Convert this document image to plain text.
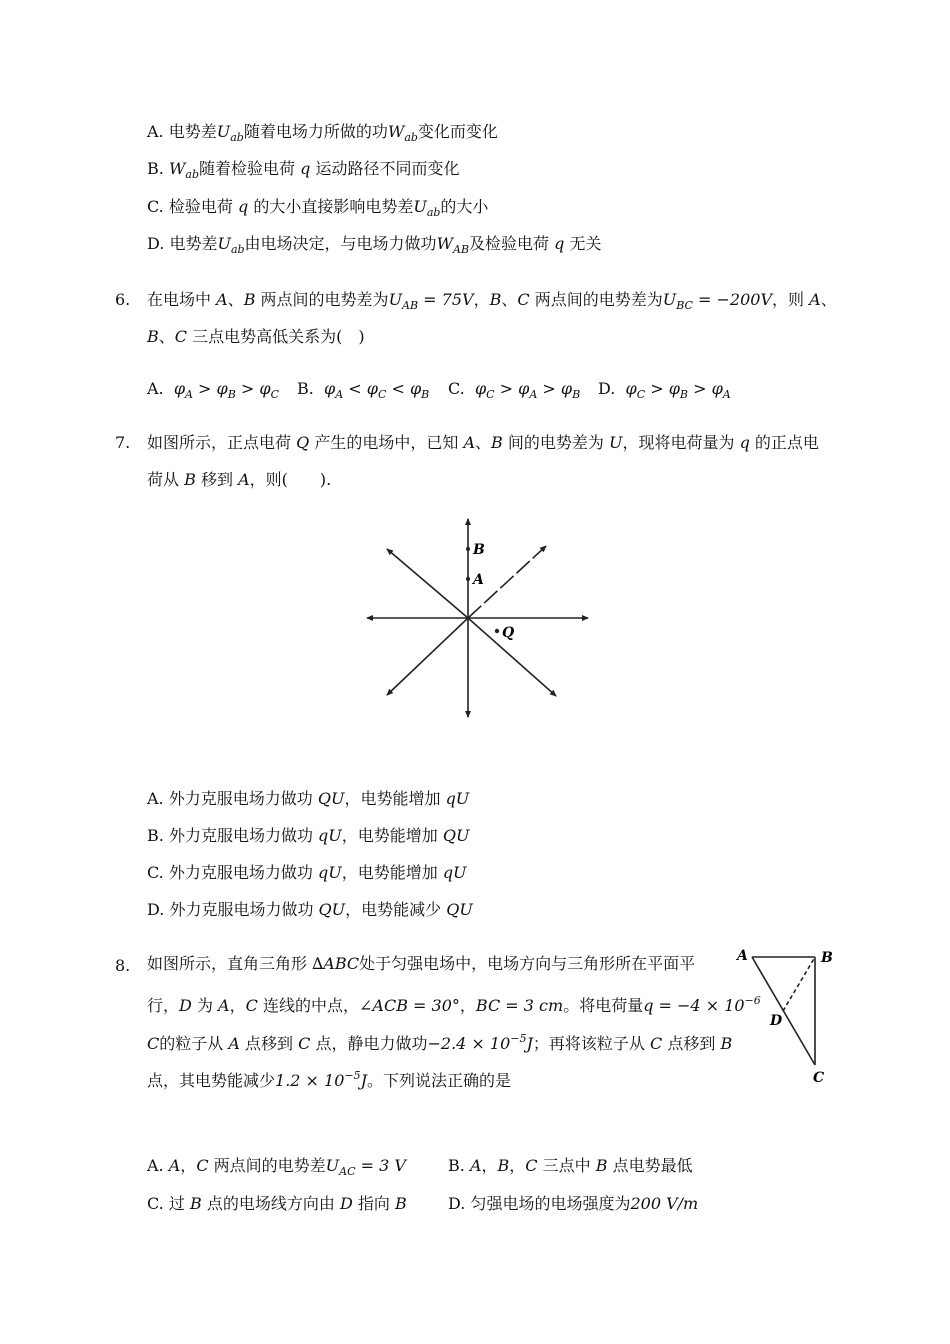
A. 电势差$U_{ab}$随着电场力所做的功$W_{ab}$变化而变化
B. $W_{ab}$随着检验电荷 q 运动路径不同而变化
C. 检验电荷 q 的大小直接影响电势差$U_{ab}$的大小
D. 电势差$U_{ab}$由电场决定，与电场力做功$W_{AB}$及检验电荷 q 无关
6. 在电场中 A、B 两点间的电势差为$U_{AB} = 75V$，B、C 两点间的电势差为$U_{BC} = -200V$，则 A、
B、C 三点电势高低关系为(　)
A. $\varphi_A > \varphi_B > \varphi_C$ B. $\varphi_A < \varphi_C < \varphi_B$ C. $\varphi_C > \varphi_A > \varphi_B$ D. $\varphi_C > \varphi_B > \varphi_A$
7. 如图所示，正点电荷 Q 产生的电场中，已知 A、B 间的电势差为 U，现将电荷量为 q 的正点电
荷从 B 移到 A，则(　　).
B
A
Q
A. 外力克服电场力做功 QU，电势能增加 qU
B. 外力克服电场力做功 qU，电势能增加 QU
C. 外力克服电场力做功 qU，电势能增加 qU
D. 外力克服电场力做功 QU，电势能减少 QU
8. 如图所示，直角三角形 ∆ABC处于匀强电场中，电场方向与三角形所在平面平
行，D 为 A，C 连线的中点，∠ACB = 30°，BC = 3 cm。将电荷量$q = -4 \times 10^{-6}$
C的粒子从 A 点移到 C 点，静电力做功$-2.4 \times 10^{-5}J$；再将该粒子从 C 点移到 B
点，其电势能减少$1.2 \times 10^{-5}J$。下列说法正确的是
A	B
D
C
A. A，C 两点间的电势差$U_{AC} = 3$ V	B. A，B，C 三点中 B 点电势最低
C. 过 B 点的电场线方向由 D 指向 B	D. 匀强电场的电场强度为200 V/m
